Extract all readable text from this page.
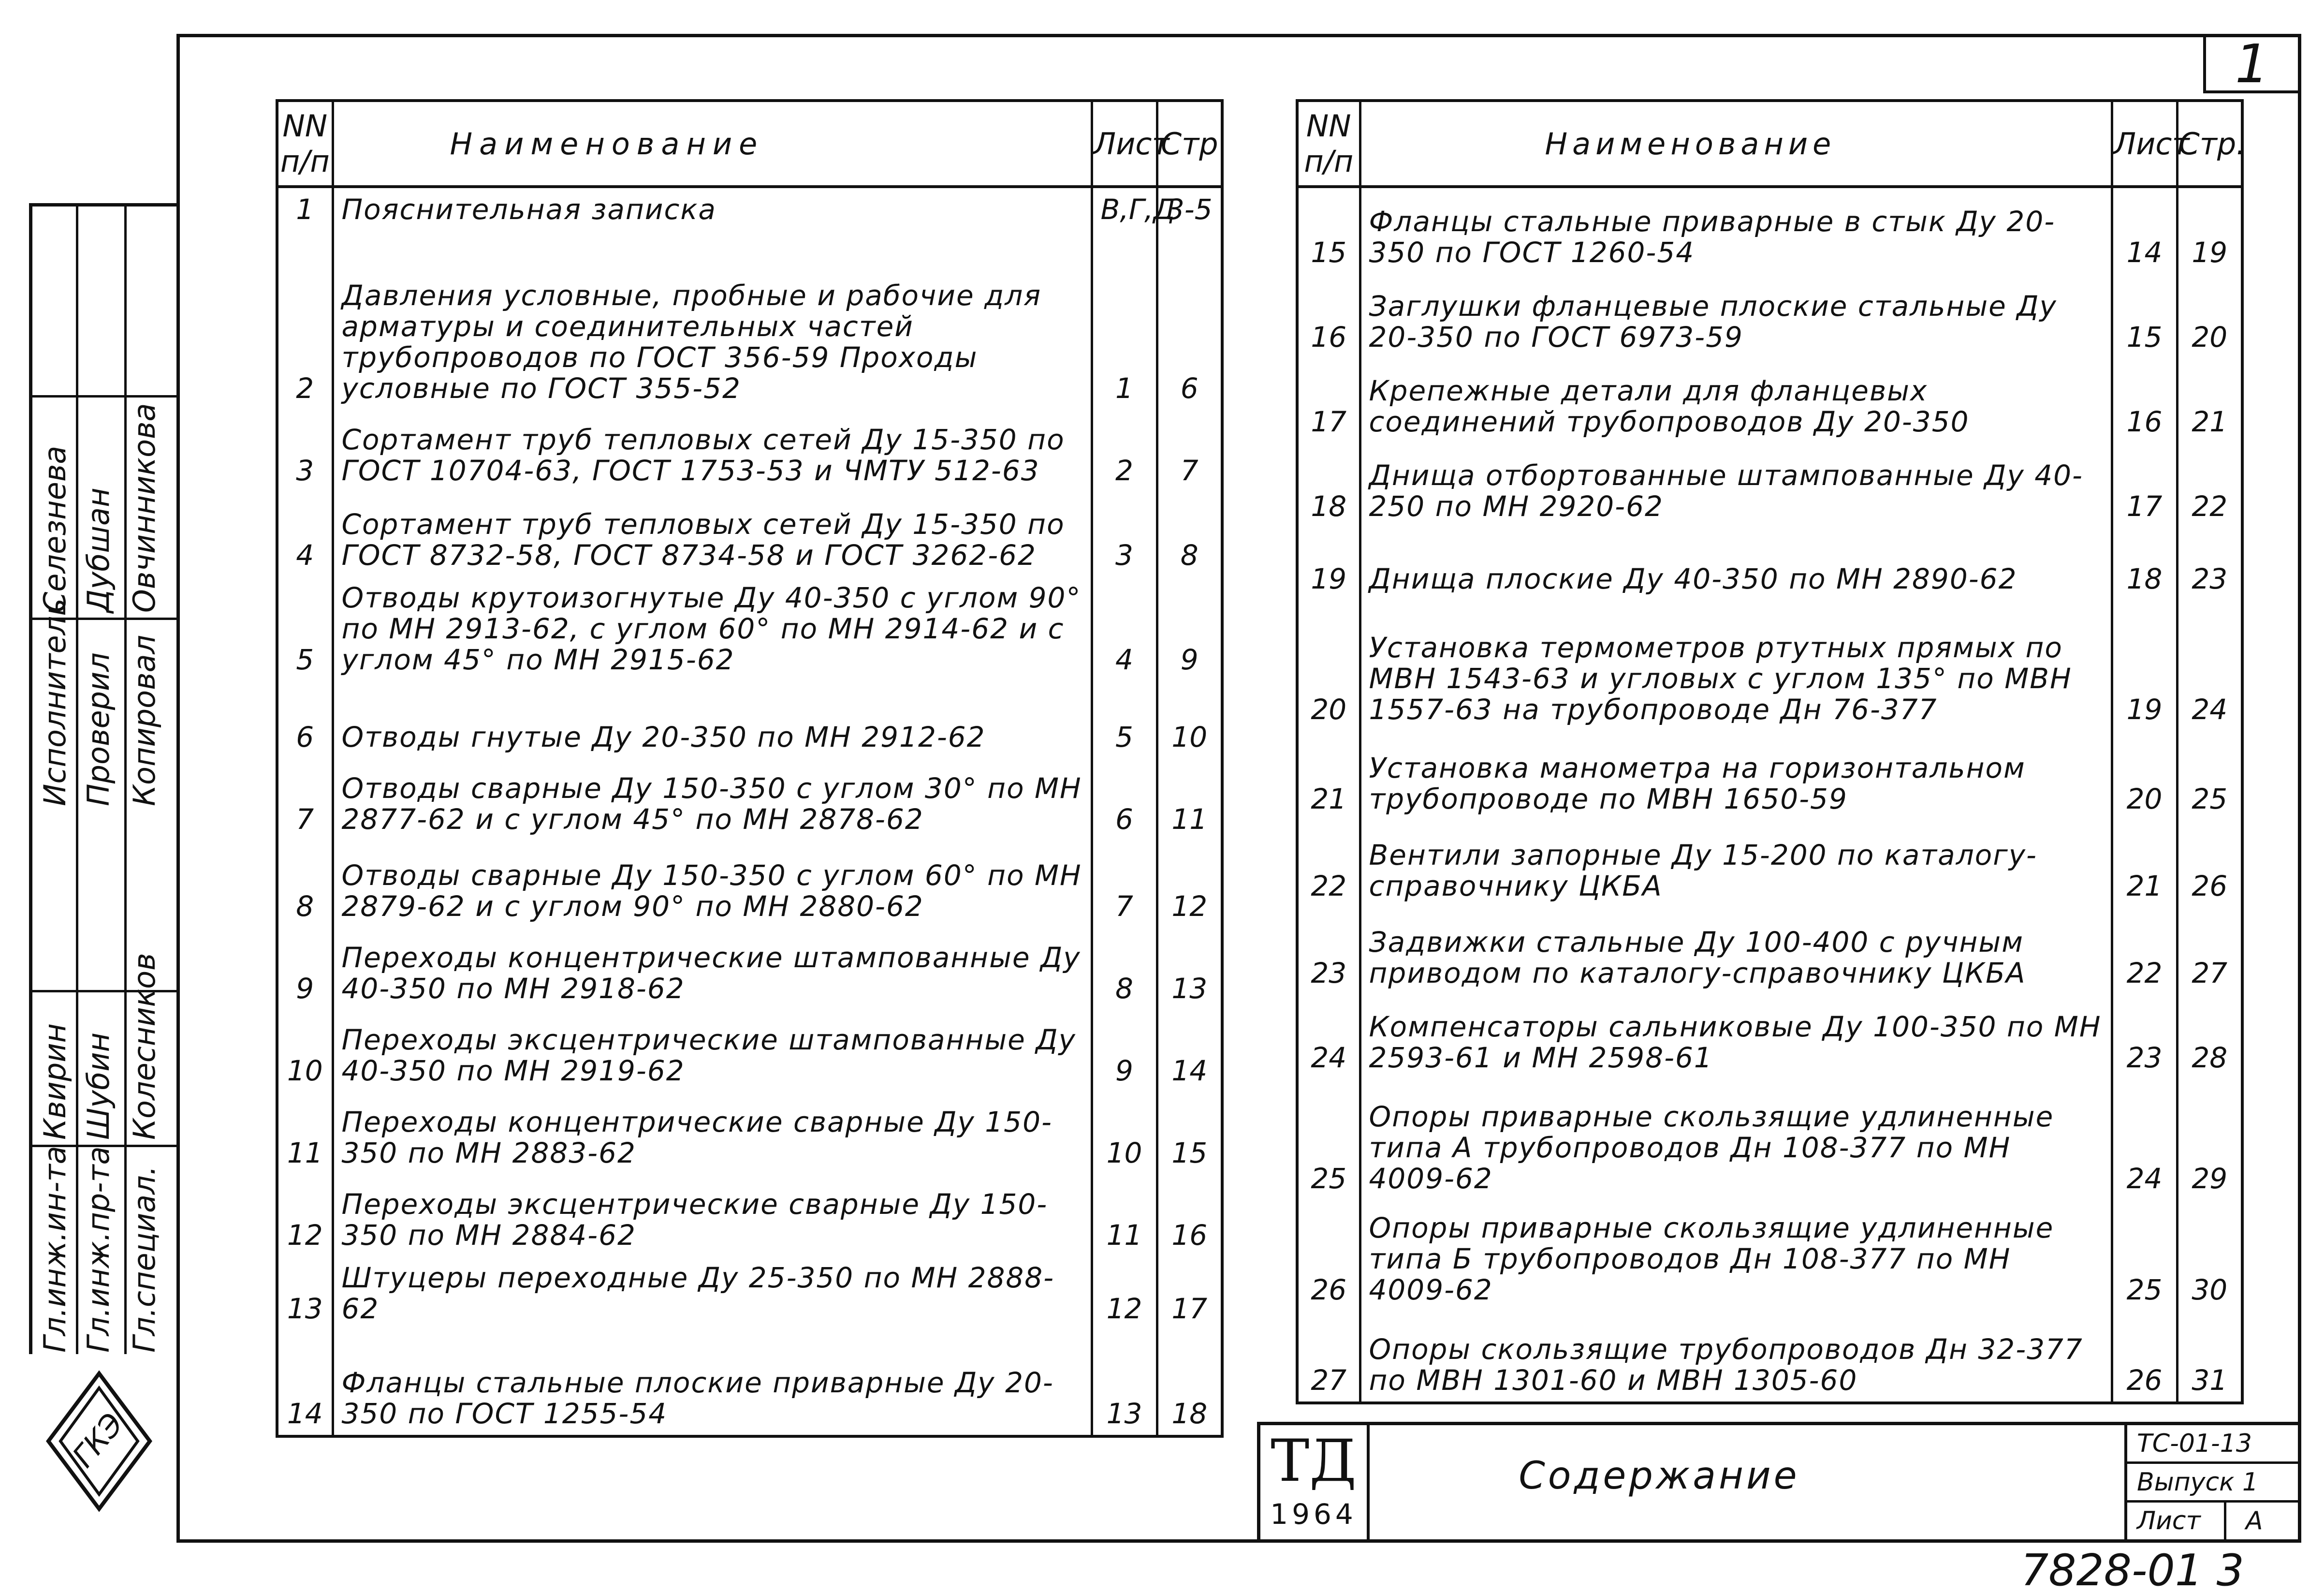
1
Гл.инж.ин-та Гл.инж.пр-та Гл.специал.
Квирин Шубин Колесников
Исполнитель Проверил Копировал
Селезнева Дубшан Овчинникова
ГКЭ
NN п/п	Наименование	Лист	Стр
1	Пояснительная записка	В,Г,Д	3-5
2	Давления условные, пробные и рабочие для арматуры и соединительных частей трубопроводов по ГОСТ 356-59 Проходы условные по ГОСТ 355-52	1	6
3	Сортамент труб тепловых сетей Ду 15-350 по ГОСТ 10704-63, ГОСТ 1753-53 и ЧМТУ 512-63	2	7
4	Сортамент труб тепловых сетей Ду 15-350 по ГОСТ 8732-58, ГОСТ 8734-58 и ГОСТ 3262-62	3	8
5	Отводы крутоизогнутые Ду 40-350 с углом 90° по МН 2913-62, с углом 60° по МН 2914-62 и с углом 45° по МН 2915-62	4	9
6	Отводы гнутые Ду 20-350 по МН 2912-62	5	10
7	Отводы сварные Ду 150-350 с углом 30° по МН 2877-62 и с углом 45° по МН 2878-62	6	11
8	Отводы сварные Ду 150-350 с углом 60° по МН 2879-62 и с углом 90° по МН 2880-62	7	12
9	Переходы концентрические штампованные Ду 40-350 по МН 2918-62	8	13
10	Переходы эксцентрические штампованные Ду 40-350 по МН 2919-62	9	14
11	Переходы концентрические сварные Ду 150-350 по МН 2883-62	10	15
12	Переходы эксцентрические сварные Ду 150-350 по МН 2884-62	11	16
13	Штуцеры переходные Ду 25-350 по МН 2888-62	12	17
14	Фланцы стальные плоские приварные Ду 20-350 по ГОСТ 1255-54	13	18
NN п/п	Наименование	Лист	Стр.
15	Фланцы стальные приварные в стык Ду 20-350 по ГОСТ 1260-54	14	19
16	Заглушки фланцевые плоские стальные Ду 20-350 по ГОСТ 6973-59	15	20
17	Крепежные детали для фланцевых соединений трубопроводов Ду 20-350	16	21
18	Днища отбортованные штампованные Ду 40-250 по МН 2920-62	17	22
19	Днища плоские Ду 40-350 по МН 2890-62	18	23
20	Установка термометров ртутных прямых по МВН 1543-63 и угловых с углом 135° по МВН 1557-63 на трубопроводе Дн 76-377	19	24
21	Установка манометра на горизонтальном трубопроводе по МВН 1650-59	20	25
22	Вентили запорные Ду 15-200 по каталогу-справочнику ЦКБА	21	26
23	Задвижки стальные Ду 100-400 с ручным приводом по каталогу-справочнику ЦКБА	22	27
24	Компенсаторы сальниковые Ду 100-350 по МН 2593-61 и МН 2598-61	23	28
25	Опоры приварные скользящие удлиненные типа А трубопроводов Дн 108-377 по МН 4009-62	24	29
26	Опоры приварные скользящие удлиненные типа Б трубопроводов Дн 108-377 по МН 4009-62	25	30
27	Опоры скользящие трубопроводов Дн 32-377 по МВН 1301-60 и МВН 1305-60	26	31
ТД
1964
Содержание
ТС-01-13
Выпуск 1
Лист	А
7828-01 3
